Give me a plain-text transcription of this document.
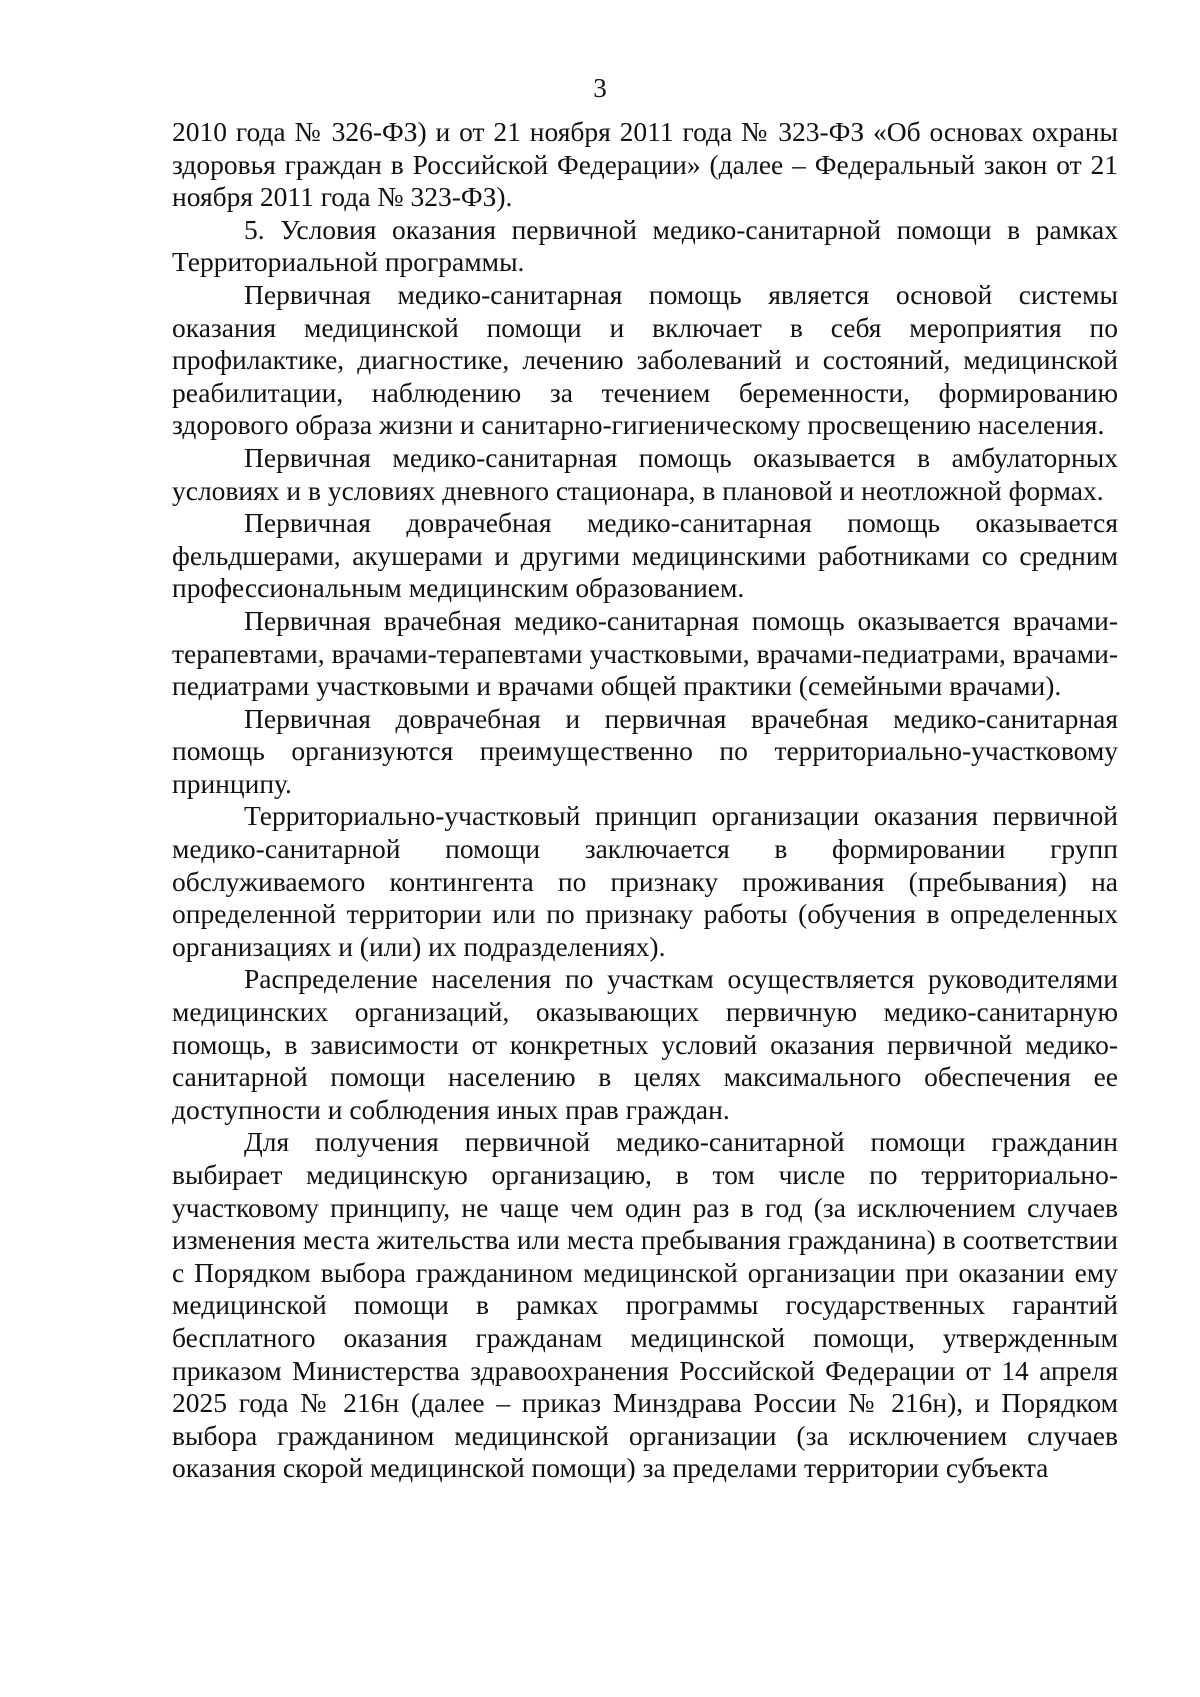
3

2010 года № 326-ФЗ) и от 21 ноября 2011 года № 323-ФЗ «Об основах охраны здоровья граждан в Российской Федерации» (далее – Федеральный закон от 21 ноября 2011 года № 323-ФЗ).

5. Условия оказания первичной медико-санитарной помощи в рамках Территориальной программы.

Первичная медико-санитарная помощь является основой системы оказания медицинской помощи и включает в себя мероприятия по профилактике, диагностике, лечению заболеваний и состояний, медицинской реабилитации, наблюдению за течением беременности, формированию здорового образа жизни и санитарно-гигиеническому просвещению населения.

Первичная медико-санитарная помощь оказывается в амбулаторных условиях и в условиях дневного стационара, в плановой и неотложной формах.

Первичная доврачебная медико-санитарная помощь оказывается фельдшерами, акушерами и другими медицинскими работниками со средним профессиональным медицинским образованием.

Первичная врачебная медико-санитарная помощь оказывается врачами-терапевтами, врачами-терапевтами участковыми, врачами-педиатрами, врачами-педиатрами участковыми и врачами общей практики (семейными врачами).

Первичная доврачебная и первичная врачебная медико-санитарная помощь организуются преимущественно по территориально-участковому принципу.

Территориально-участковый принцип организации оказания первичной медико-санитарной помощи заключается в формировании групп обслуживаемого контингента по признаку проживания (пребывания) на определенной территории или по признаку работы (обучения в определенных организациях и (или) их подразделениях).

Распределение населения по участкам осуществляется руководителями медицинских организаций, оказывающих первичную медико-санитарную помощь, в зависимости от конкретных условий оказания первичной медико-санитарной помощи населению в целях максимального обеспечения ее доступности и соблюдения иных прав граждан.

Для получения первичной медико-санитарной помощи гражданин выбирает медицинскую организацию, в том числе по территориально-участковому принципу, не чаще чем один раз в год (за исключением случаев изменения места жительства или места пребывания гражданина) в соответствии с Порядком выбора гражданином медицинской организации при оказании ему медицинской помощи в рамках программы государственных гарантий бесплатного оказания гражданам медицинской помощи, утвержденным приказом Министерства здравоохранения Российской Федерации от 14 апреля 2025 года № 216н (далее – приказ Минздрава России № 216н), и Порядком выбора гражданином медицинской организации (за исключением случаев оказания скорой медицинской помощи) за пределами территории субъекта
